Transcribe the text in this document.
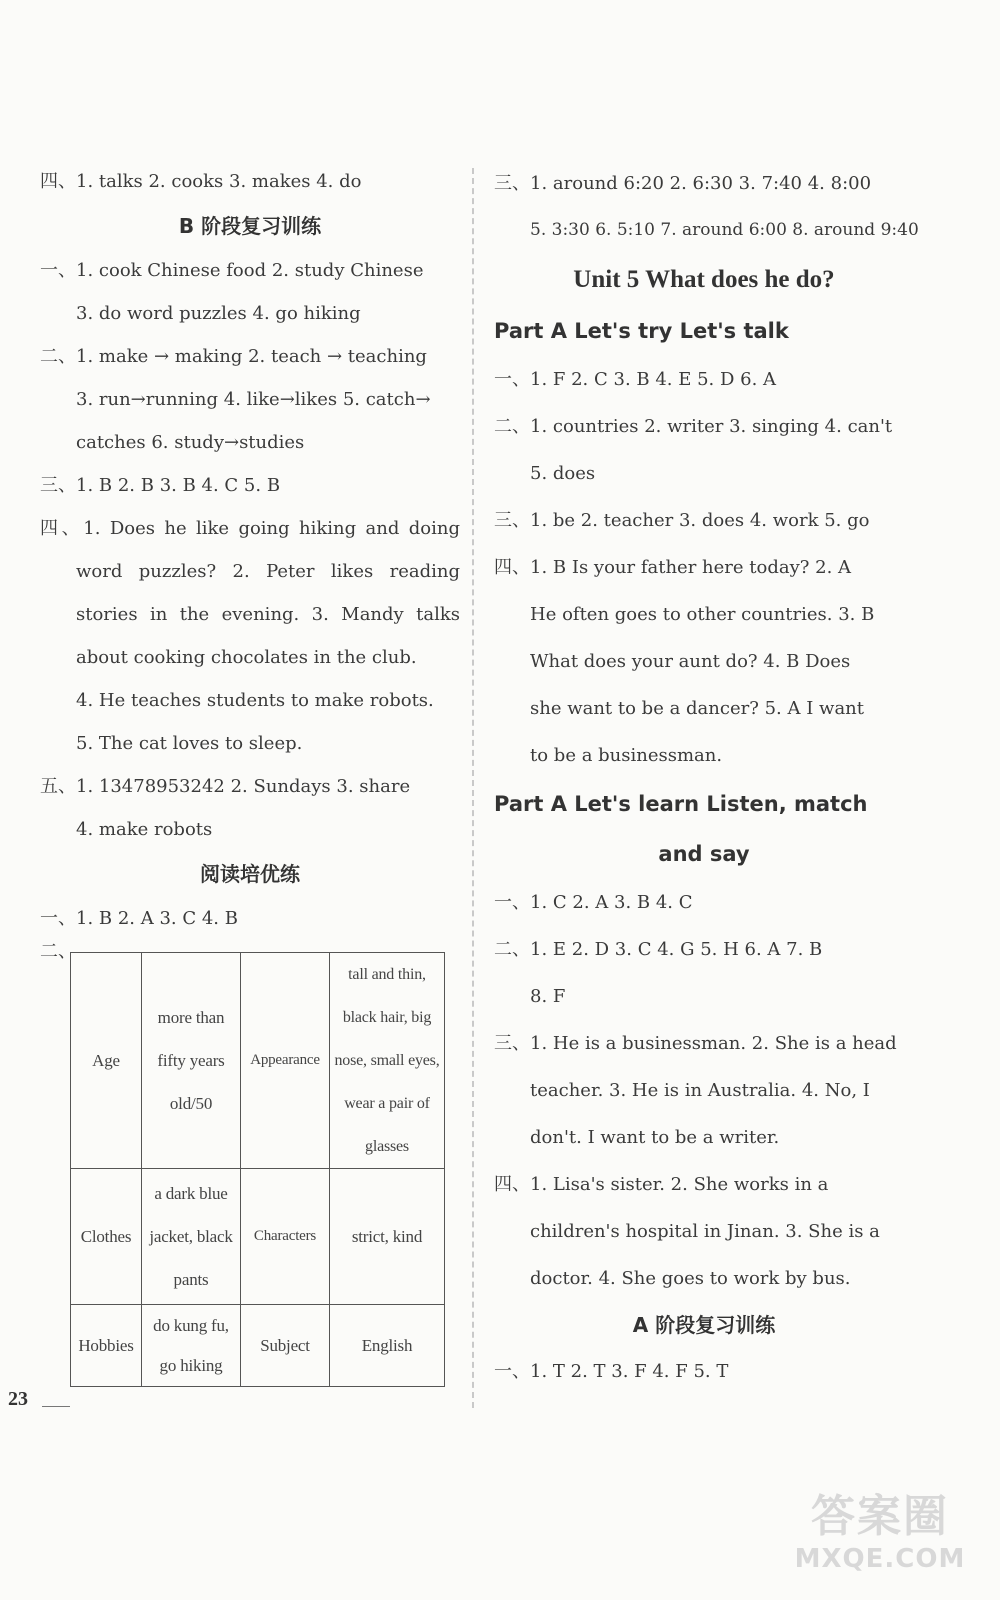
四、1. talks 2. cooks 3. makes 4. do
B 阶段复习训练
一、1. cook Chinese food 2. study Chinese
3. do word puzzles 4. go hiking
二、1. make → making 2. teach → teaching
3. run→running 4. like→likes 5. catch→
catches 6. study→studies
三、1. B 2. B 3. B 4. C 5. B
四、1. Does he like going hiking and doing
word puzzles? 2. Peter likes reading
stories in the evening. 3. Mandy talks
about cooking chocolates in the club.
4. He teaches students to make robots.
5. The cat loves to sleep.
五、1. 13478953242 2. Sundays 3. share
4. make robots
阅读培优练
一、1. B 2. A 3. C 4. B
二、
Age	more than fifty years old/50	Appearance	tall and thin, black hair, big nose, small eyes, wear a pair of glasses
Clothes	a dark blue jacket, black pants	Characters	strict, kind
Hobbies	do kung fu, go hiking	Subject	English
三、1. around 6:20 2. 6:30 3. 7:40 4. 8:00
5. 3:30 6. 5:10 7. around 6:00 8. around 9:40
Unit 5 What does he do?
Part A Let's try Let's talk
一、1. F 2. C 3. B 4. E 5. D 6. A
二、1. countries 2. writer 3. singing 4. can't
5. does
三、1. be 2. teacher 3. does 4. work 5. go
四、1. B Is your father here today? 2. A
He often goes to other countries. 3. B
What does your aunt do? 4. B Does
she want to be a dancer? 5. A I want
to be a businessman.
Part A Let's learn Listen, match
and say
一、1. C 2. A 3. B 4. C
二、1. E 2. D 3. C 4. G 5. H 6. A 7. B
8. F
三、1. He is a businessman. 2. She is a head
teacher. 3. He is in Australia. 4. No, I
don't. I want to be a writer.
四、1. Lisa's sister. 2. She works in a
children's hospital in Jinan. 3. She is a
doctor. 4. She goes to work by bus.
A 阶段复习训练
一、1. T 2. T 3. F 4. F 5. T
23
答案圈
MXQE.COM
